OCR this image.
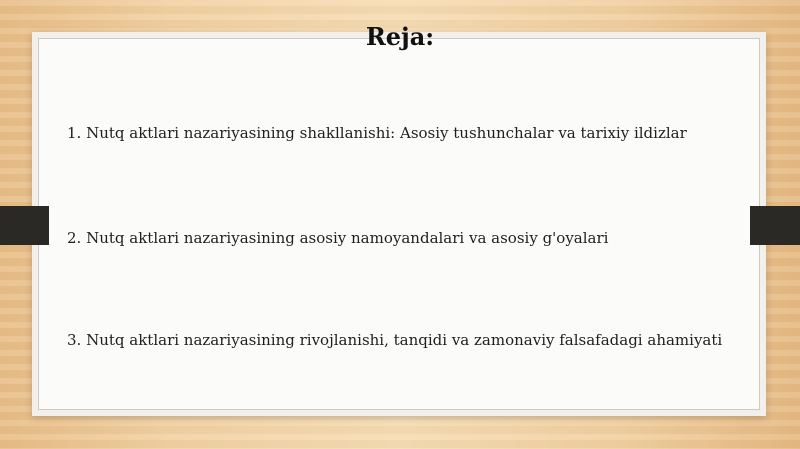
Reja:
1. Nutq aktlari nazariyasining shakllanishi: Asosiy tushunchalar va tarixiy ildizlar
2. Nutq aktlari nazariyasining asosiy namoyandalari va asosiy g'oyalari
3. Nutq aktlari nazariyasining rivojlanishi, tanqidi va zamonaviy falsafadagi ahamiyati
